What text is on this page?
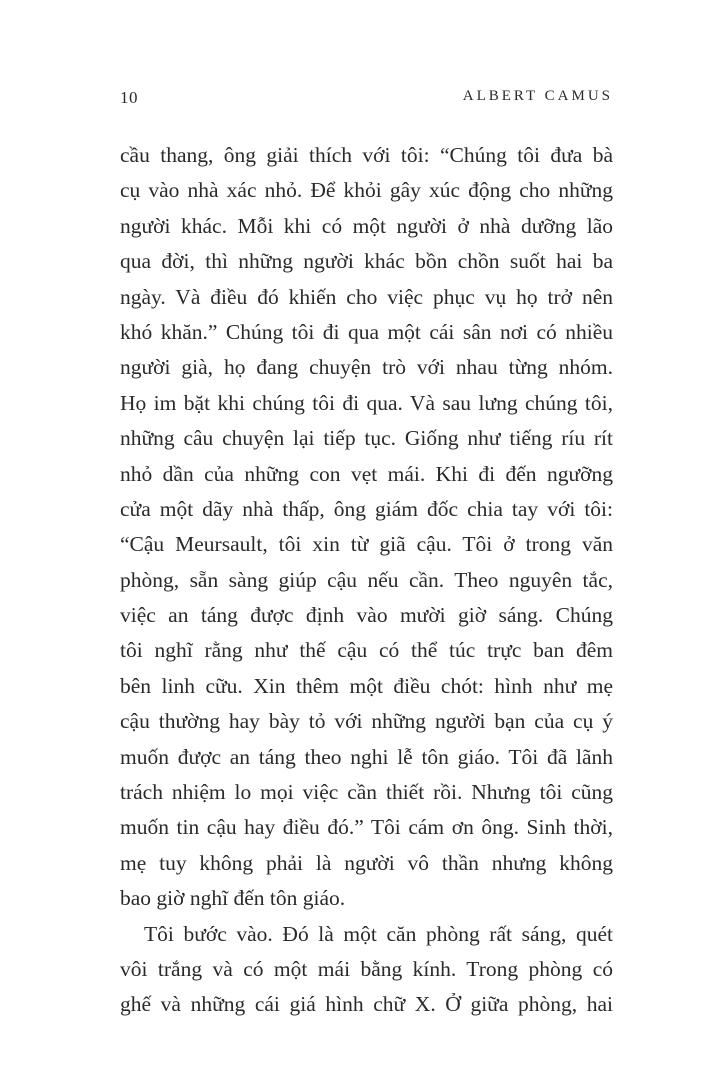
10	ALBERT CAMUS
cầu thang, ông giải thích với tôi: “Chúng tôi đưa bà
cụ vào nhà xác nhỏ. Để khỏi gây xúc động cho những
người khác. Mỗi khi có một người ở nhà dưỡng lão
qua đời, thì những người khác bồn chồn suốt hai ba
ngày. Và điều đó khiến cho việc phục vụ họ trở nên
khó khăn.” Chúng tôi đi qua một cái sân nơi có nhiều
người già, họ đang chuyện trò với nhau từng nhóm.
Họ im bặt khi chúng tôi đi qua. Và sau lưng chúng tôi,
những câu chuyện lại tiếp tục. Giống như tiếng ríu rít
nhỏ dần của những con vẹt mái. Khi đi đến ngưỡng
cửa một dãy nhà thấp, ông giám đốc chia tay với tôi:
“Cậu Meursault, tôi xin từ giã cậu. Tôi ở trong văn
phòng, sẵn sàng giúp cậu nếu cần. Theo nguyên tắc,
việc an táng được định vào mười giờ sáng. Chúng
tôi nghĩ rằng như thế cậu có thể túc trực ban đêm
bên linh cữu. Xin thêm một điều chót: hình như mẹ
cậu thường hay bày tỏ với những người bạn của cụ ý
muốn được an táng theo nghi lễ tôn giáo. Tôi đã lãnh
trách nhiệm lo mọi việc cần thiết rồi. Nhưng tôi cũng
muốn tin cậu hay điều đó.” Tôi cám ơn ông. Sinh thời,
mẹ tuy không phải là người vô thần nhưng không
bao giờ nghĩ đến tôn giáo.
Tôi bước vào. Đó là một căn phòng rất sáng, quét
vôi trắng và có một mái bằng kính. Trong phòng có
ghế và những cái giá hình chữ X. Ở giữa phòng, hai
